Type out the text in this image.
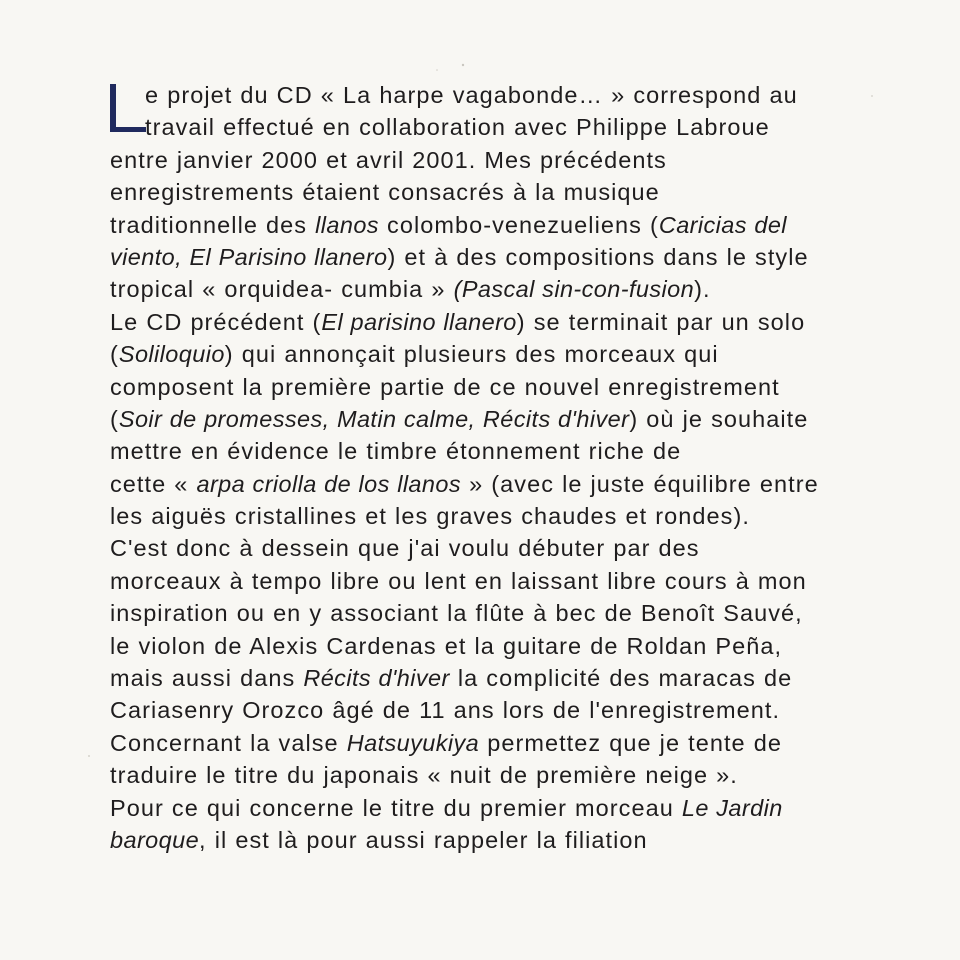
e projet du CD « La harpe vagabonde… » correspond au
travail effectué en collaboration avec Philippe Labroue
entre janvier 2000 et avril 2001. Mes précédents
enregistrements étaient consacrés à la musique
traditionnelle des llanos colombo-venezueliens (Caricias del
viento, El Parisino llanero) et à des compositions dans le style
tropical « orquidea- cumbia » (Pascal sin-con-fusion).
Le CD précédent (El parisino llanero) se terminait par un solo
(Soliloquio) qui annonçait plusieurs des morceaux qui
composent la première partie de ce nouvel enregistrement
(Soir de promesses, Matin calme, Récits d'hiver) où je souhaite
mettre en évidence le timbre étonnement riche de
cette « arpa criolla de los llanos » (avec le juste équilibre entre
les aiguës cristallines et les graves chaudes et rondes).
C'est donc à dessein que j'ai voulu débuter par des
morceaux à tempo libre ou lent en laissant libre cours à mon
inspiration ou en y associant la flûte à bec de Benoît Sauvé,
le violon de Alexis Cardenas et la guitare de Roldan Peña,
mais aussi dans Récits d'hiver la complicité des maracas de
Cariasenry Orozco âgé de 11 ans lors de l'enregistrement.
Concernant la valse Hatsuyukiya permettez que je tente de
traduire le titre du japonais « nuit de première neige ».
Pour ce qui concerne le titre du premier morceau Le Jardin
baroque, il est là pour aussi rappeler la filiation
